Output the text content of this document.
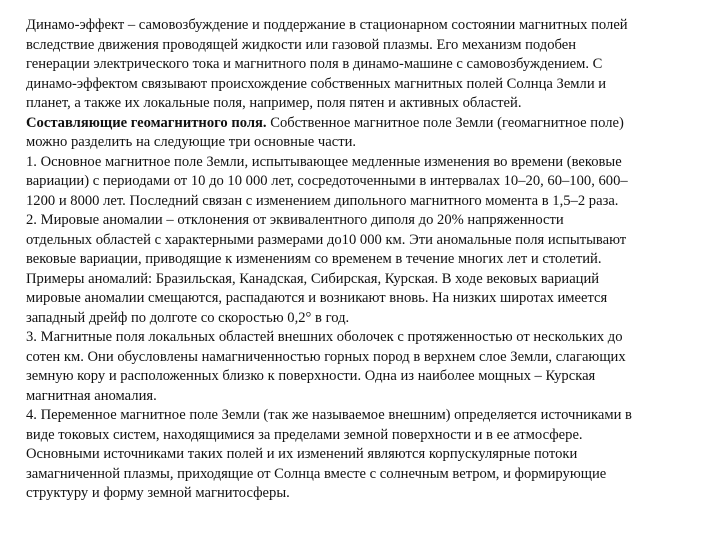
Динамо-эффект – самовозбуждение и поддержание в стационарном состоянии магнитных полей
вследствие движения проводящей жидкости или газовой плазмы. Его механизм подобен
генерации электрического тока и магнитного поля в динамо-машине с самовозбуждением. С
динамо-эффектом связывают происхождение собственных магнитных полей Солнца Земли и
планет, а также их локальные поля, например, поля пятен и активных областей.
Составляющие геомагнитного поля. Собственное магнитное поле Земли (геомагнитное поле)
можно разделить на следующие три основные части.
1. Основное магнитное поле Земли, испытывающее медленные изменения во времени (вековые
вариации) с периодами от 10 до 10 000 лет, сосредоточенными в интервалах 10–20, 60–100, 600–
1200 и 8000 лет. Последний связан с изменением дипольного магнитного момента в 1,5–2 раза.
2. Мировые аномалии – отклонения от эквивалентного диполя до 20% напряженности
отдельных областей с характерными размерами до10 000 км. Эти аномальные поля испытывают
вековые вариации, приводящие к изменениям со временем в течение многих лет и столетий.
Примеры аномалий: Бразильская, Канадская, Сибирская, Курская. В ходе вековых вариаций
мировые аномалии смещаются, распадаются и возникают вновь. На низких широтах имеется
западный дрейф по долготе со скоростью 0,2° в год.
3. Магнитные поля локальных областей внешних оболочек с протяженностью от нескольких до
сотен км. Они обусловлены намагниченностью горных пород в верхнем слое Земли, слагающих
земную кору и расположенных близко к поверхности. Одна из наиболее мощных – Курская
магнитная аномалия.
4. Переменное магнитное поле Земли (так же называемое внешним) определяется источниками в
виде токовых систем, находящимися за пределами земной поверхности и в ее атмосфере.
Основными источниками таких полей и их изменений являются корпускулярные потоки
замагниченной плазмы, приходящие от Солнца вместе с солнечным ветром, и формирующие
структуру и форму земной магнитосферы.
